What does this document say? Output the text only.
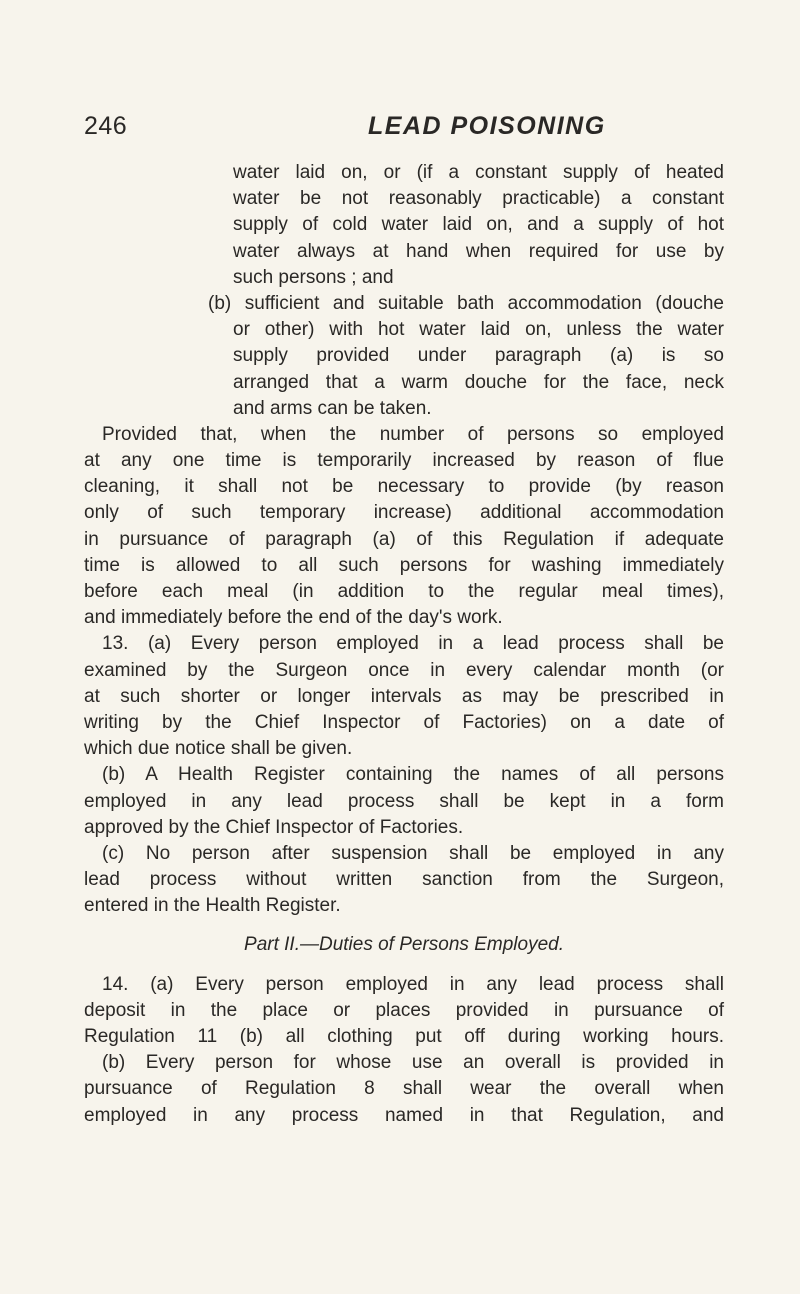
246	LEAD POISONING
water laid on, or (if a constant supply of heated
water be not reasonably practicable) a constant
supply of cold water laid on, and a supply of hot
water always at hand when required for use by
such persons ; and
(b) sufficient and suitable bath accommodation (douche
or other) with hot water laid on, unless the water
supply provided under paragraph (a) is so
arranged that a warm douche for the face, neck
and arms can be taken.
Provided that, when the number of persons so employed
at any one time is temporarily increased by reason of flue
cleaning, it shall not be necessary to provide (by reason
only of such temporary increase) additional accommodation
in pursuance of paragraph (a) of this Regulation if adequate
time is allowed to all such persons for washing immediately
before each meal (in addition to the regular meal times),
and immediately before the end of the day's work.
13. (a) Every person employed in a lead process shall be
examined by the Surgeon once in every calendar month (or
at such shorter or longer intervals as may be prescribed in
writing by the Chief Inspector of Factories) on a date of
which due notice shall be given.
(b) A Health Register containing the names of all persons
employed in any lead process shall be kept in a form
approved by the Chief Inspector of Factories.
(c) No person after suspension shall be employed in any
lead process without written sanction from the Surgeon,
entered in the Health Register.
Part II.—Duties of Persons Employed.
14. (a) Every person employed in any lead process shall
deposit in the place or places provided in pursuance of
Regulation 11 (b) all clothing put off during working hours.
(b) Every person for whose use an overall is provided in
pursuance of Regulation 8 shall wear the overall when
employed in any process named in that Regulation, and
